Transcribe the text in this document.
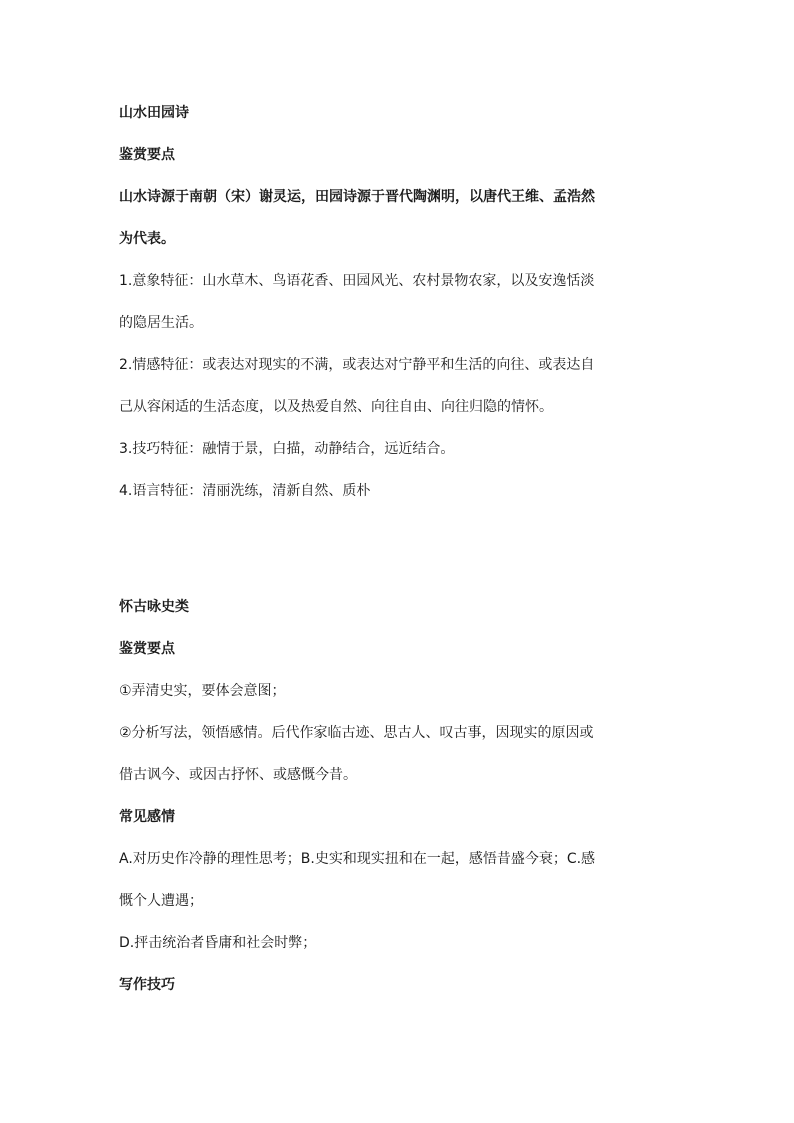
山水田园诗

鉴赏要点

山水诗源于南朝（宋）谢灵运，田园诗源于晋代陶渊明，以唐代王维、孟浩然

为代表。

1.意象特征：山水草木、鸟语花香、田园风光、农村景物农家，以及安逸恬淡

的隐居生活。

2.情感特征：或表达对现实的不满，或表达对宁静平和生活的向往、或表达自

己从容闲适的生活态度，以及热爱自然、向往自由、向往归隐的情怀。

3.技巧特征：融情于景，白描，动静结合，远近结合。

4.语言特征：清丽洗练，清新自然、质朴

怀古咏史类

鉴赏要点

①弄清史实，要体会意图；

②分析写法，领悟感情。后代作家临古迹、思古人、叹古事，因现实的原因或

借古讽今、或因古抒怀、或感慨今昔。

常见感情

A.对历史作冷静的理性思考；B.史实和现实扭和在一起，感悟昔盛今衰；C.感

慨个人遭遇；

D.抨击统治者昏庸和社会时弊；

写作技巧
